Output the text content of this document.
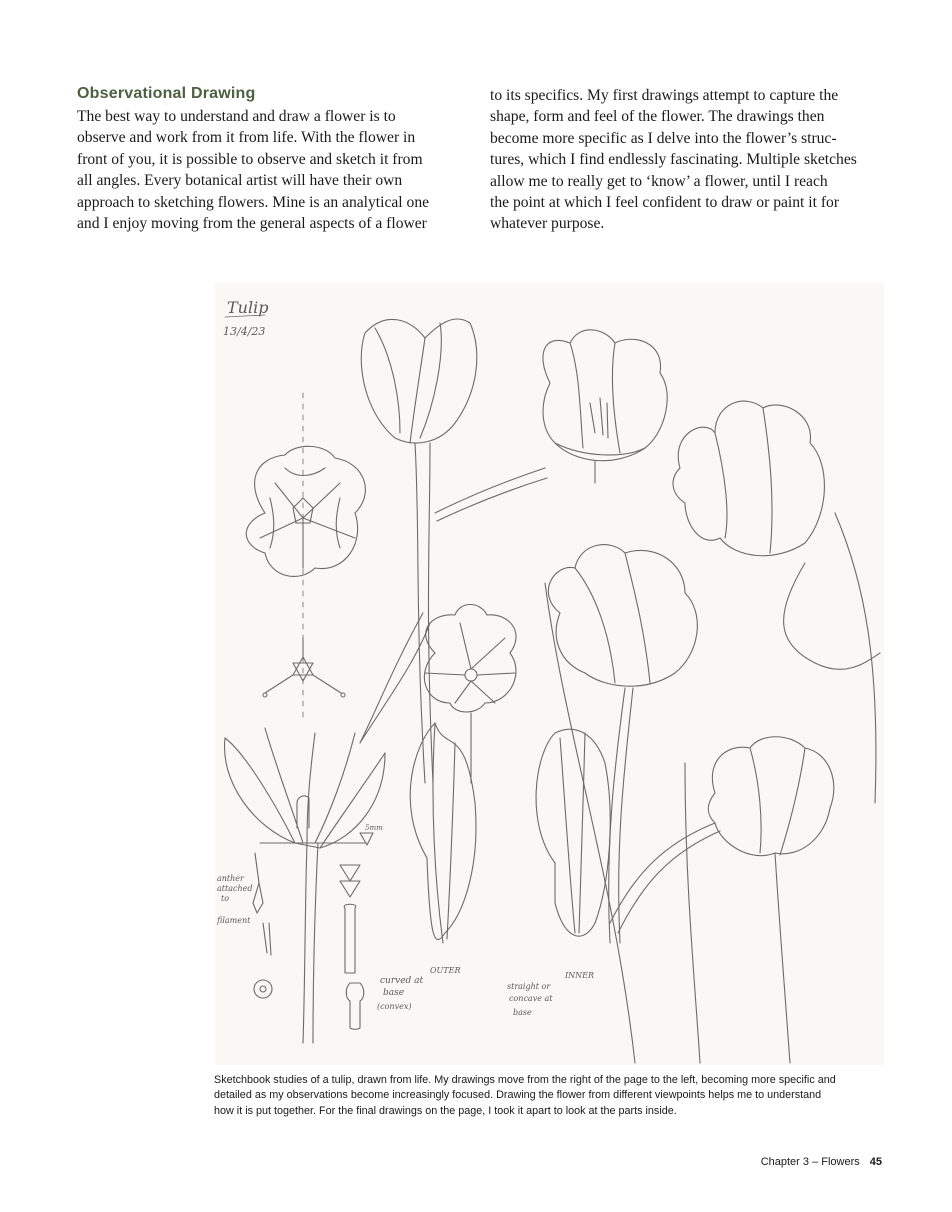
Observational Drawing
The best way to understand and draw a flower is to
observe and work from it from life. With the flower in
front of you, it is possible to observe and sketch it from
all angles. Every botanical artist will have their own
approach to sketching flowers. Mine is an analytical one
and I enjoy moving from the general aspects of a flower
to its specifics. My first drawings attempt to capture the
shape, form and feel of the flower. The drawings then
become more specific as I delve into the flower’s struc-
tures, which I find endlessly fascinating. Multiple sketches
allow me to really get to ‘know’ a flower, until I reach
the point at which I feel confident to draw or paint it for
whatever purpose.
Tulip
13/4/23
anther
attached
to
filament
5mm
curved at
base
(convex)
OUTER
straight or
concave at
base
INNER
Sketchbook studies of a tulip, drawn from life. My drawings move from the right of the page to the left, becoming more specific and
detailed as my observations become increasingly focused. Drawing the flower from different viewpoints helps me to understand
how it is put together. For the final drawings on the page, I took it apart to look at the parts inside.
Chapter 3 – Flowers 45
